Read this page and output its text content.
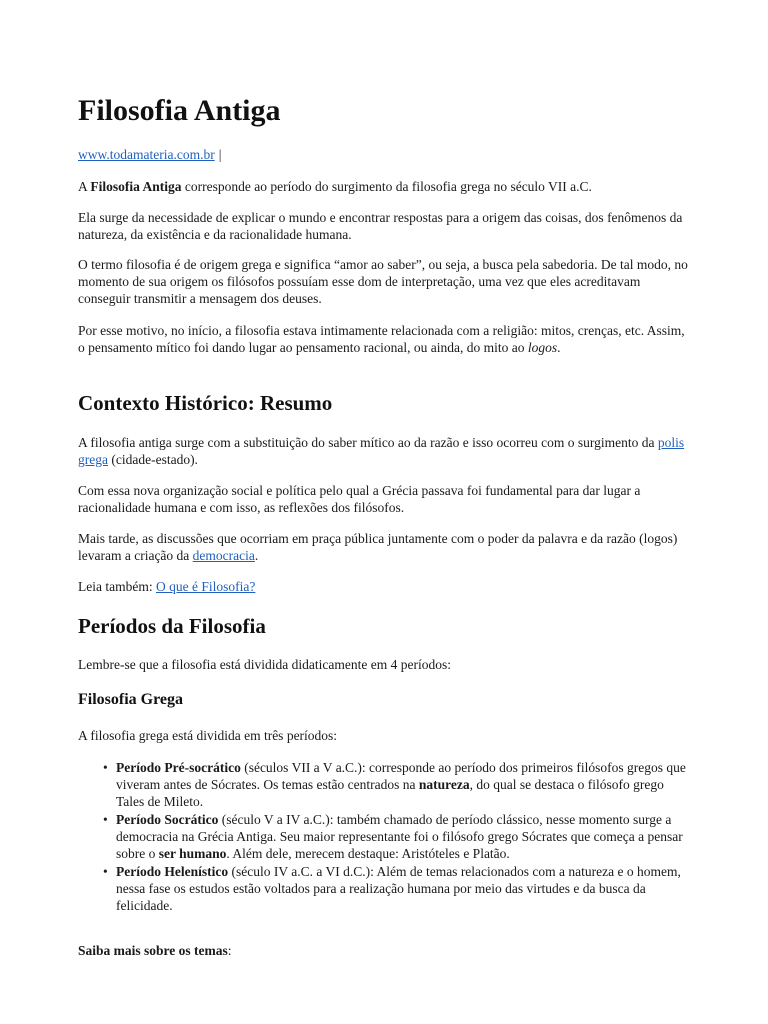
Filosofia Antiga

www.todamateria.com.br |

A Filosofia Antiga corresponde ao período do surgimento da filosofia grega no século VII a.C.

Ela surge da necessidade de explicar o mundo e encontrar respostas para a origem das coisas, dos fenômenos da natureza, da existência e da racionalidade humana.

O termo filosofia é de origem grega e significa “amor ao saber”, ou seja, a busca pela sabedoria. De tal modo, no momento de sua origem os filósofos possuíam esse dom de interpretação, uma vez que eles acreditavam conseguir transmitir a mensagem dos deuses.

Por esse motivo, no início, a filosofia estava intimamente relacionada com a religião: mitos, crenças, etc. Assim, o pensamento mítico foi dando lugar ao pensamento racional, ou ainda, do mito ao logos.

Contexto Histórico: Resumo

A filosofia antiga surge com a substituição do saber mítico ao da razão e isso ocorreu com o surgimento da polis grega (cidade-estado).

Com essa nova organização social e política pelo qual a Grécia passava foi fundamental para dar lugar a racionalidade humana e com isso, as reflexões dos filósofos.

Mais tarde, as discussões que ocorriam em praça pública juntamente com o poder da palavra e da razão (logos) levaram a criação da democracia.

Leia também: O que é Filosofia?

Períodos da Filosofia

Lembre-se que a filosofia está dividida didaticamente em 4 períodos:

Filosofia Grega

A filosofia grega está dividida em três períodos:

• Período Pré-socrático (séculos VII a V a.C.): corresponde ao período dos primeiros filósofos gregos que viveram antes de Sócrates. Os temas estão centrados na natureza, do qual se destaca o filósofo grego Tales de Mileto.
• Período Socrático (século V a IV a.C.): também chamado de período clássico, nesse momento surge a democracia na Grécia Antiga. Seu maior representante foi o filósofo grego Sócrates que começa a pensar sobre o ser humano. Além dele, merecem destaque: Aristóteles e Platão.
• Período Helenístico (século IV a.C. a VI d.C.): Além de temas relacionados com a natureza e o homem, nessa fase os estudos estão voltados para a realização humana por meio das virtudes e da busca da felicidade.

Saiba mais sobre os temas:
